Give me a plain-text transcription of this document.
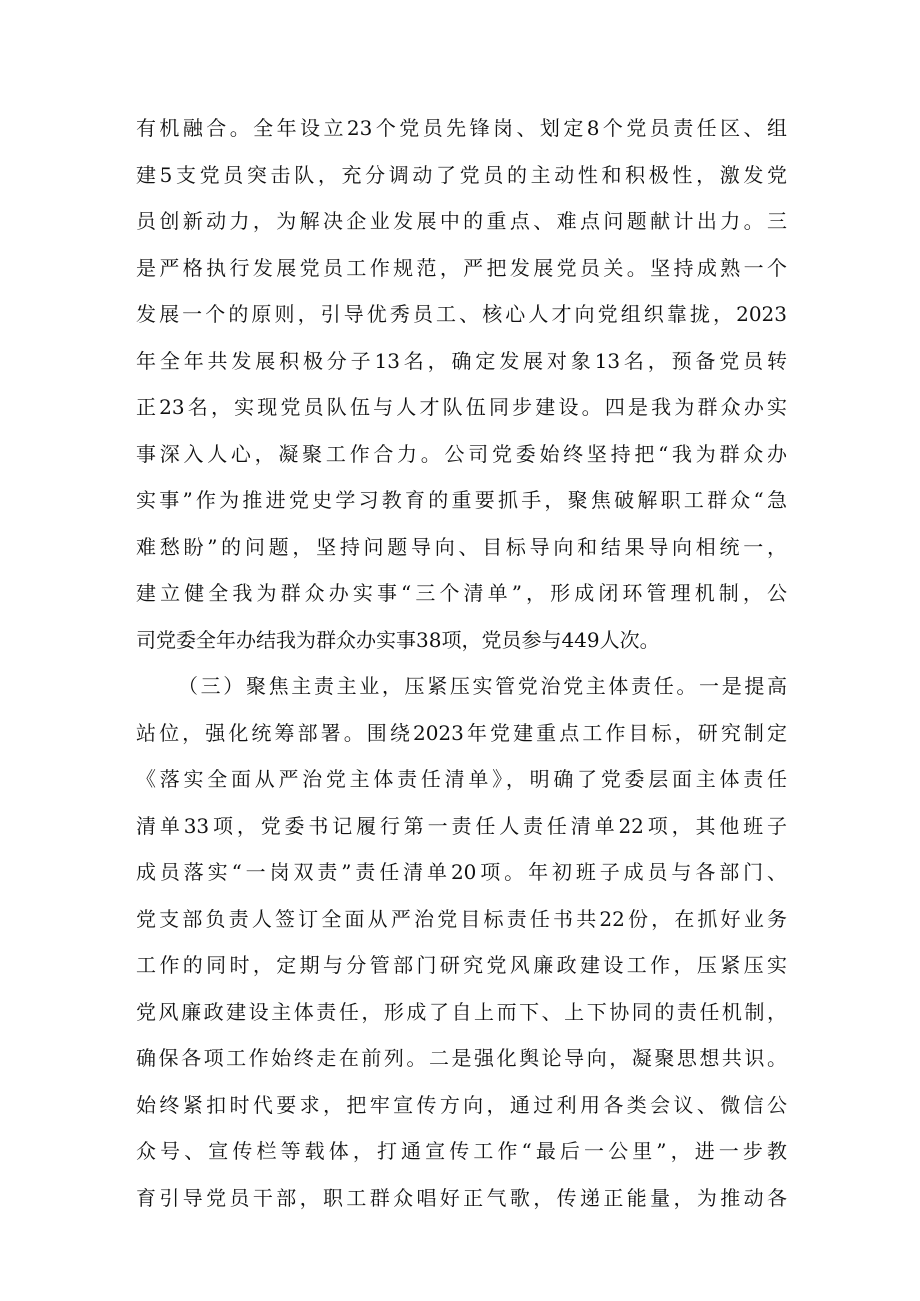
有机融合。全年设立23个党员先锋岗、划定8个党员责任区、组
建5支党员突击队，充分调动了党员的主动性和积极性，激发党
员创新动力，为解决企业发展中的重点、难点问题献计出力。三
是严格执行发展党员工作规范，严把发展党员关。坚持成熟一个
发展一个的原则，引导优秀员工、核心人才向党组织靠拢，2023
年全年共发展积极分子13名，确定发展对象13名，预备党员转
正23名，实现党员队伍与人才队伍同步建设。四是我为群众办实
事深入人心，凝聚工作合力。公司党委始终坚持把“我为群众办
实事”作为推进党史学习教育的重要抓手，聚焦破解职工群众“急
难愁盼”的问题，坚持问题导向、目标导向和结果导向相统一，
建立健全我为群众办实事“三个清单”，形成闭环管理机制，公
司党委全年办结我为群众办实事38项，党员参与449人次。
（三）聚焦主责主业，压紧压实管党治党主体责任。一是提高
站位，强化统筹部署。围绕2023年党建重点工作目标，研究制定
《落实全面从严治党主体责任清单》，明确了党委层面主体责任
清单33项，党委书记履行第一责任人责任清单22项，其他班子
成员落实“一岗双责”责任清单20项。年初班子成员与各部门、
党支部负责人签订全面从严治党目标责任书共22份，在抓好业务
工作的同时，定期与分管部门研究党风廉政建设工作，压紧压实
党风廉政建设主体责任，形成了自上而下、上下协同的责任机制，
确保各项工作始终走在前列。二是强化舆论导向，凝聚思想共识。
始终紧扣时代要求，把牢宣传方向，通过利用各类会议、微信公
众号、宣传栏等载体，打通宣传工作“最后一公里”，进一步教
育引导党员干部，职工群众唱好正气歌，传递正能量，为推动各
